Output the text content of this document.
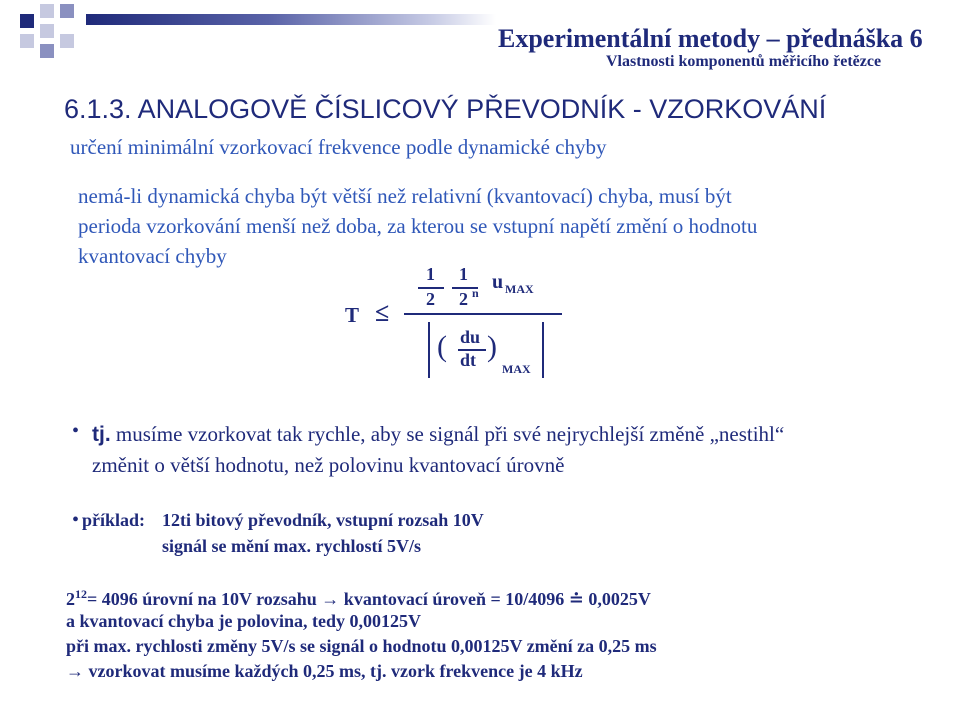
Experimentální metody – přednáška 6
Vlastnosti komponentů měřicího řetězce
6.1.3. ANALOGOVĚ ČÍSLICOVÝ PŘEVODNÍK - VZORKOVÁNÍ
určení minimální vzorkovací frekvence podle dynamické chyby
nemá-li dynamická chyba být větší než relativní (kvantovací) chyba, musí být
perioda vzorkování menší než doba, za kterou se vstupní napětí změní o hodnotu
kvantovací chyby
T ≤
1
2
1
2 n u MAX
( du
dt )
MAX
• tj. musíme vzorkovat tak rychle, aby se signál při své nejrychlejší změně „nestihl“
změnit o větší hodnotu, než polovinu kvantovací úrovně
• příklad: 12ti bitový převodník, vstupní rozsah 10V
signál se mění max. rychlostí 5V/s
$2^{12}= 4096$ úrovní na 10V rozsahu → kvantovací úroveň = 10/4096 ≐ 0,0025V
a kvantovací chyba je polovina, tedy 0,00125V
při max. rychlosti změny 5V/s se signál o hodnotu 0,00125V změní za 0,25 ms
→ vzorkovat musíme každých 0,25 ms, tj. vzork frekvence je 4 kHz
